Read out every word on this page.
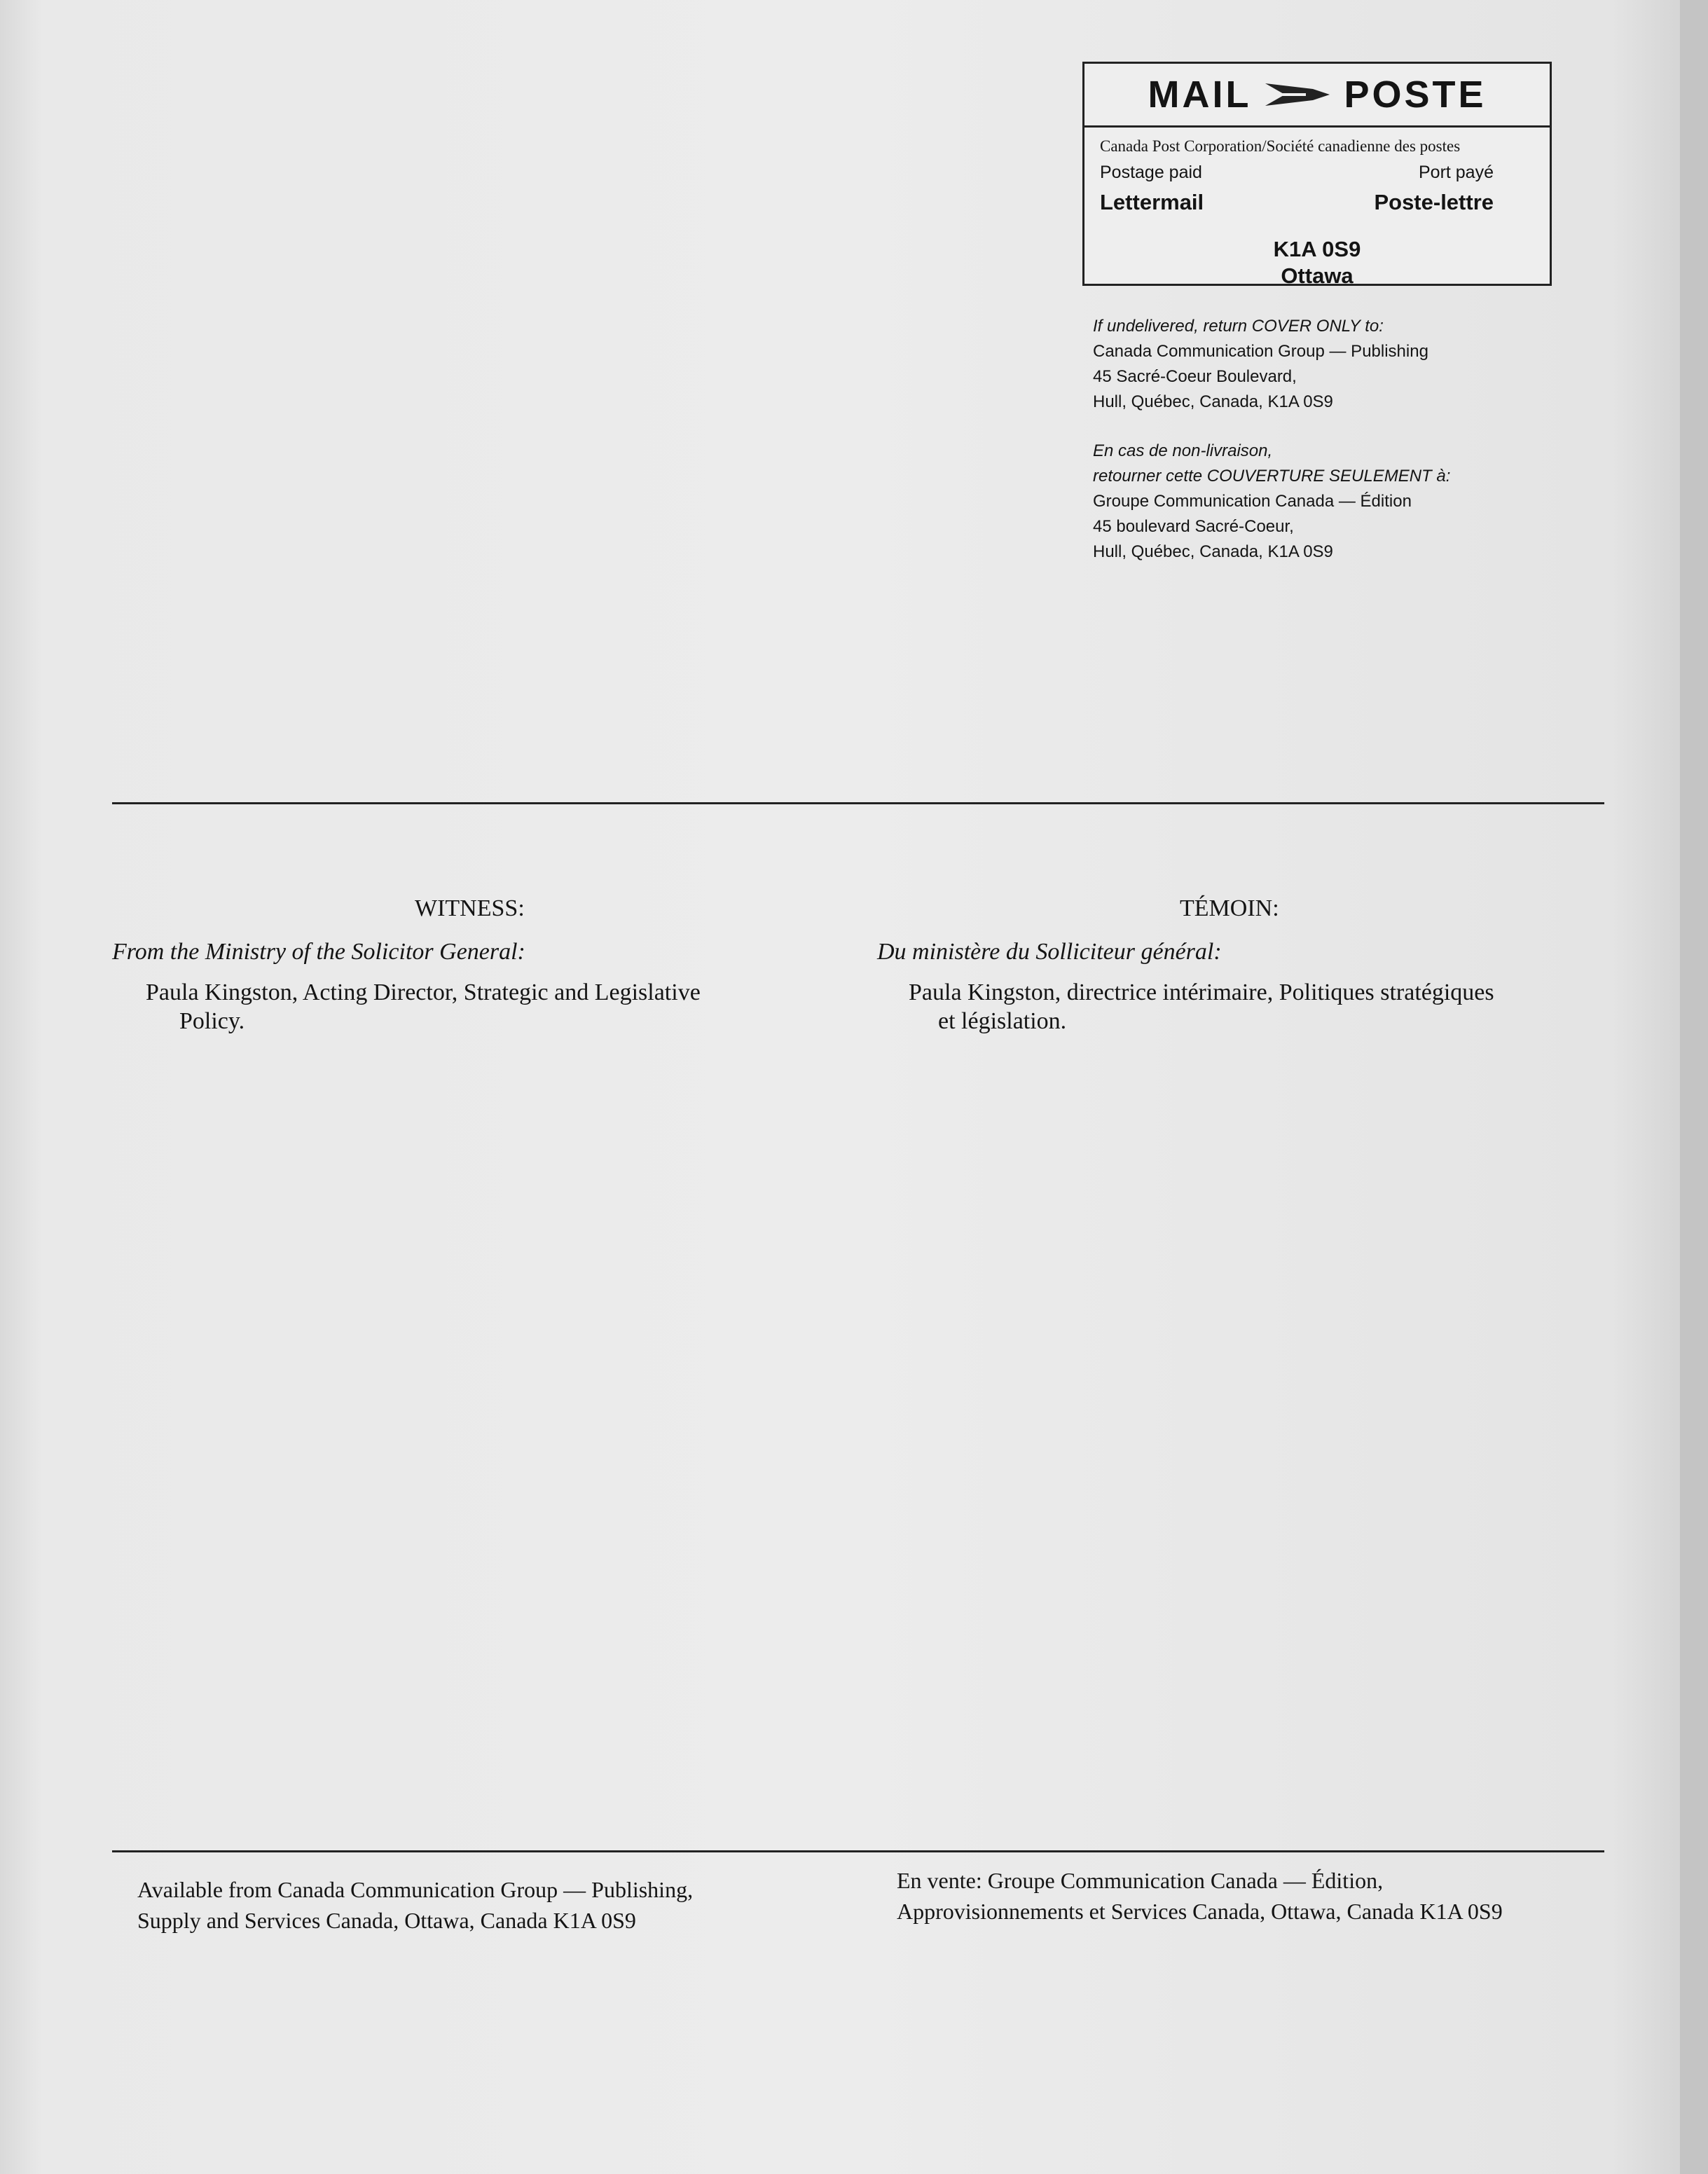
MAIL POSTE
Canada Post Corporation/Société canadienne des postes
Postage paid	Port payé
Lettermail	Poste-lettre
K1A 0S9
Ottawa
If undelivered, return COVER ONLY to:
Canada Communication Group — Publishing
45 Sacré-Coeur Boulevard,
Hull, Québec, Canada, K1A 0S9
En cas de non-livraison,
retourner cette COUVERTURE SEULEMENT à:
Groupe Communication Canada — Édition
45 boulevard Sacré-Coeur,
Hull, Québec, Canada, K1A 0S9
WITNESS:	TÉMOIN:
From the Ministry of the Solicitor General:	Du ministère du Solliciteur général:
Paula Kingston, Acting Director, Strategic and Legislative
Policy.
Paula Kingston, directrice intérimaire, Politiques stratégiques
et législation.
Available from Canada Communication Group — Publishing,
Supply and Services Canada, Ottawa, Canada K1A 0S9
En vente: Groupe Communication Canada — Édition,
Approvisionnements et Services Canada, Ottawa, Canada K1A 0S9
